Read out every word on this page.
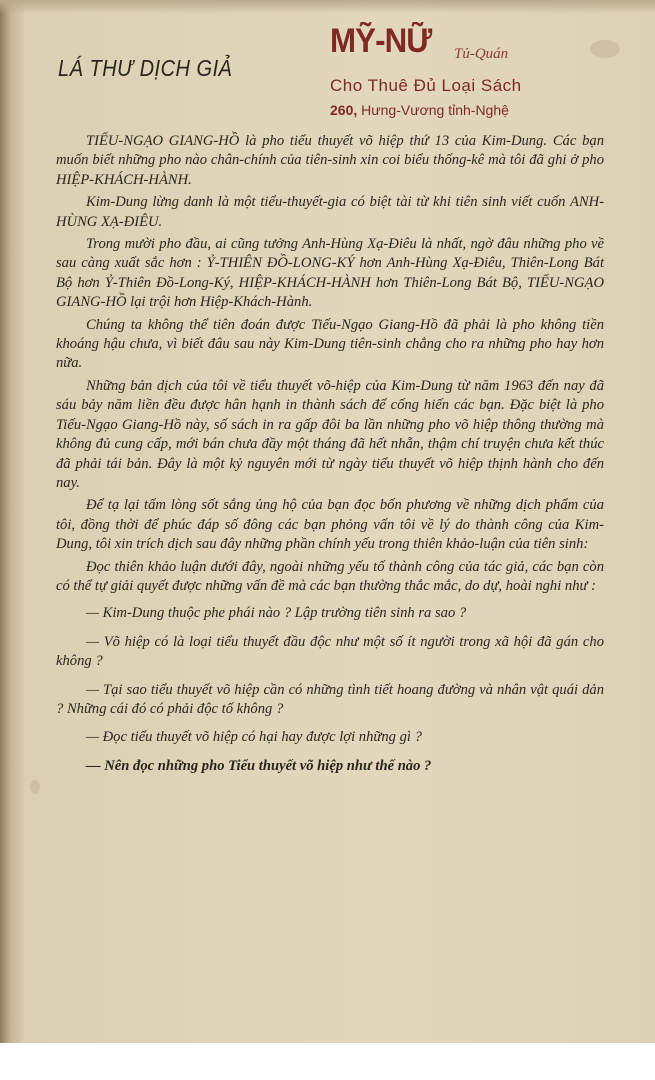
LÁ THƯ DỊCH GIẢ
MỸ-NỮ Tủ-Quán
Cho Thuê Đủ Loại Sách
260, Hưng-Vương tỉnh-Nghệ

TIẾU-NGẠO GIANG-HỒ là pho tiểu thuyết võ hiệp thứ 13 của Kim-Dung. Các bạn muốn biết những pho nào chân-chính của tiên-sinh xin coi biểu thống-kê mà tôi đã ghi ở pho HIỆP-KHÁCH-HÀNH.

Kim-Dung lừng danh là một tiểu-thuyết-gia có biệt tài từ khi tiên sinh viết cuốn ANH-HÙNG XẠ-ĐIÊU.

Trong mười pho đầu, ai cũng tưởng Anh-Hùng Xạ-Điêu là nhất, ngờ đâu những pho về sau càng xuất sắc hơn : Ỷ-THIÊN ĐỒ-LONG-KÝ hơn Anh-Hùng Xạ-Điêu, Thiên-Long Bát Bộ hơn Ỷ-Thiên Đồ-Long-Ký, HIỆP-KHÁCH-HÀNH hơn Thiên-Long Bát Bộ, TIẾU-NGẠO GIANG-HỒ lại trội hơn Hiệp-Khách-Hành.

Chúng ta không thể tiên đoán được Tiếu-Ngạo Giang-Hồ đã phải là pho không tiền khoáng hậu chưa, vì biết đâu sau này Kim-Dung tiên-sinh chẳng cho ra những pho hay hơn nữa.

Những bản dịch của tôi về tiểu thuyết võ-hiệp của Kim-Dung từ năm 1963 đến nay đã sáu bảy năm liền đều được hân hạnh in thành sách để cống hiến các bạn. Đặc biệt là pho Tiếu-Ngạo Giang-Hồ này, số sách in ra gấp đôi ba lần những pho võ hiệp thông thường mà không đủ cung cấp, mới bán chưa đầy một tháng đã hết nhẵn, thậm chí truyện chưa kết thúc đã phải tái bản. Đây là một kỷ nguyên mới từ ngày tiểu thuyết võ hiệp thịnh hành cho đến nay.

Để tạ lại tấm lòng sốt sắng ủng hộ của bạn đọc bốn phương về những dịch phẩm của tôi, đồng thời để phúc đáp số đông các bạn phỏng vấn tôi về lý do thành công của Kim-Dung, tôi xin trích dịch sau đây những phần chính yếu trong thiên khảo-luận của tiên sinh:

Đọc thiên khảo luận dưới đây, ngoài những yếu tố thành công của tác giả, các bạn còn có thể tự giải quyết được những vấn đề mà các bạn thường thắc mắc, do dự, hoài nghi như :

— Kim-Dung thuộc phe phái nào ? Lập trường tiên sinh ra sao ?

— Võ hiệp có là loại tiểu thuyết đầu độc như một số ít người trong xã hội đã gán cho không ?

— Tại sao tiểu thuyết võ hiệp cần có những tình tiết hoang đường và nhân vật quái dản ? Những cái đó có phải độc tố không ?

— Đọc tiểu thuyết võ hiệp có hại hay được lợi những gì ?

— Nên đọc những pho Tiểu thuyết võ hiệp như thế nào ?
